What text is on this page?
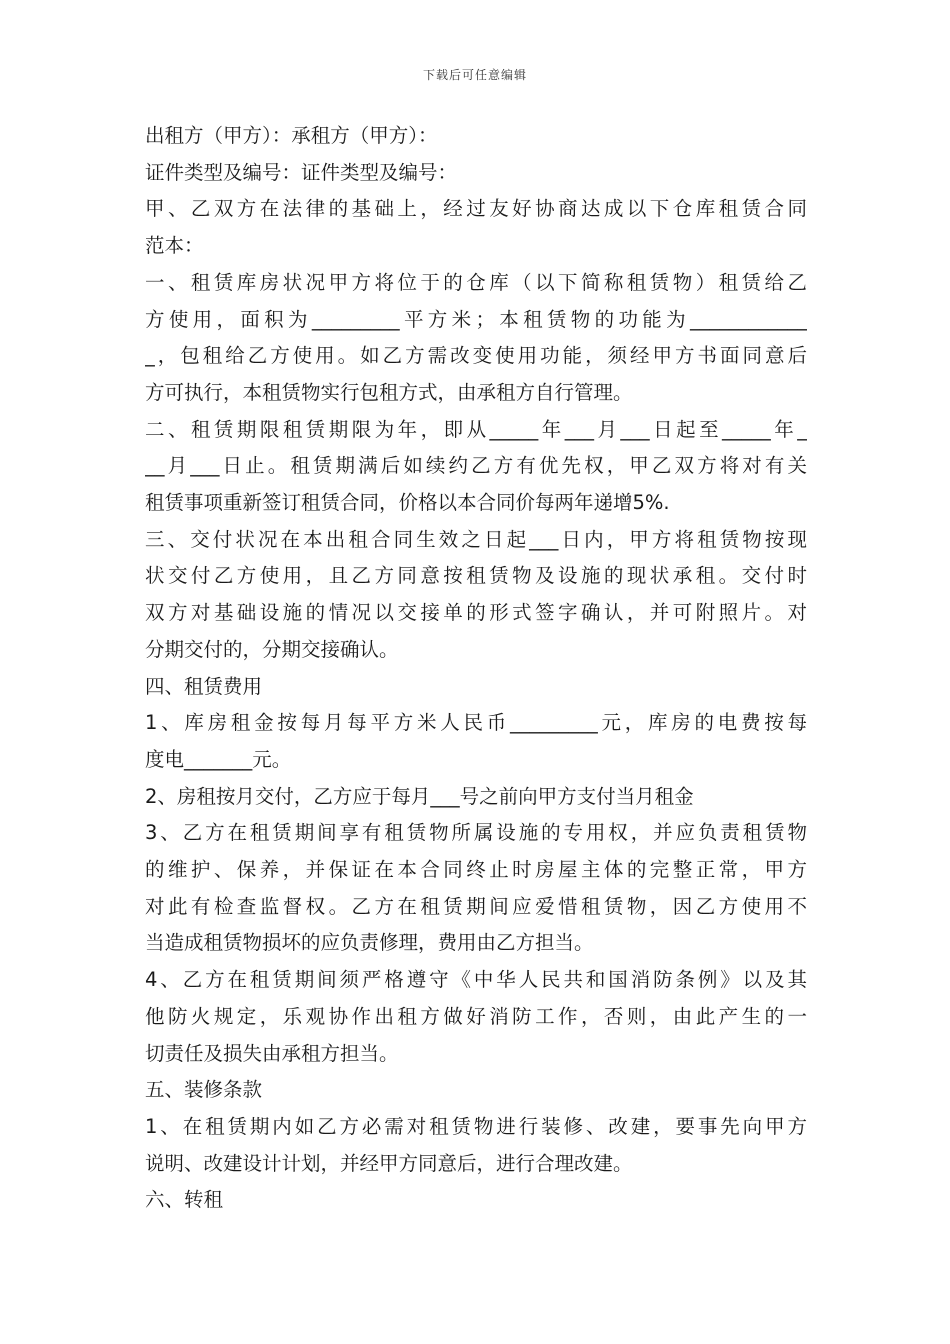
下载后可任意编辑
出租方（甲方）：承租方（甲方）：
证件类型及编号：证件类型及编号：
甲、乙双方在法律的基础上，经过友好协商达成以下仓库租赁合同
范本：
一、租赁库房状况甲方将位于的仓库（以下简称租赁物）租赁给乙
方使用，面积为_________平方米；本租赁物的功能为____________
_，包租给乙方使用。如乙方需改变使用功能，须经甲方书面同意后
方可执行，本租赁物实行包租方式，由承租方自行管理。
二、租赁期限租赁期限为年，即从_____年___月___日起至_____年_
__月___日止。租赁期满后如续约乙方有优先权，甲乙双方将对有关
租赁事项重新签订租赁合同，价格以本合同价每两年递增5%.
三、交付状况在本出租合同生效之日起___日内，甲方将租赁物按现
状交付乙方使用，且乙方同意按租赁物及设施的现状承租。交付时
双方对基础设施的情况以交接单的形式签字确认，并可附照片。对
分期交付的，分期交接确认。
四、租赁费用
1、库房租金按每月每平方米人民币_________元，库房的电费按每
度电_______元。
2、房租按月交付，乙方应于每月___号之前向甲方支付当月租金
3、乙方在租赁期间享有租赁物所属设施的专用权，并应负责租赁物
的维护、保养，并保证在本合同终止时房屋主体的完整正常，甲方
对此有检查监督权。乙方在租赁期间应爱惜租赁物，因乙方使用不
当造成租赁物损坏的应负责修理，费用由乙方担当。
4、乙方在租赁期间须严格遵守《中华人民共和国消防条例》以及其
他防火规定，乐观协作出租方做好消防工作，否则，由此产生的一
切责任及损失由承租方担当。
五、装修条款
1、在租赁期内如乙方必需对租赁物进行装修、改建，要事先向甲方
说明、改建设计计划，并经甲方同意后，进行合理改建。
六、转租
